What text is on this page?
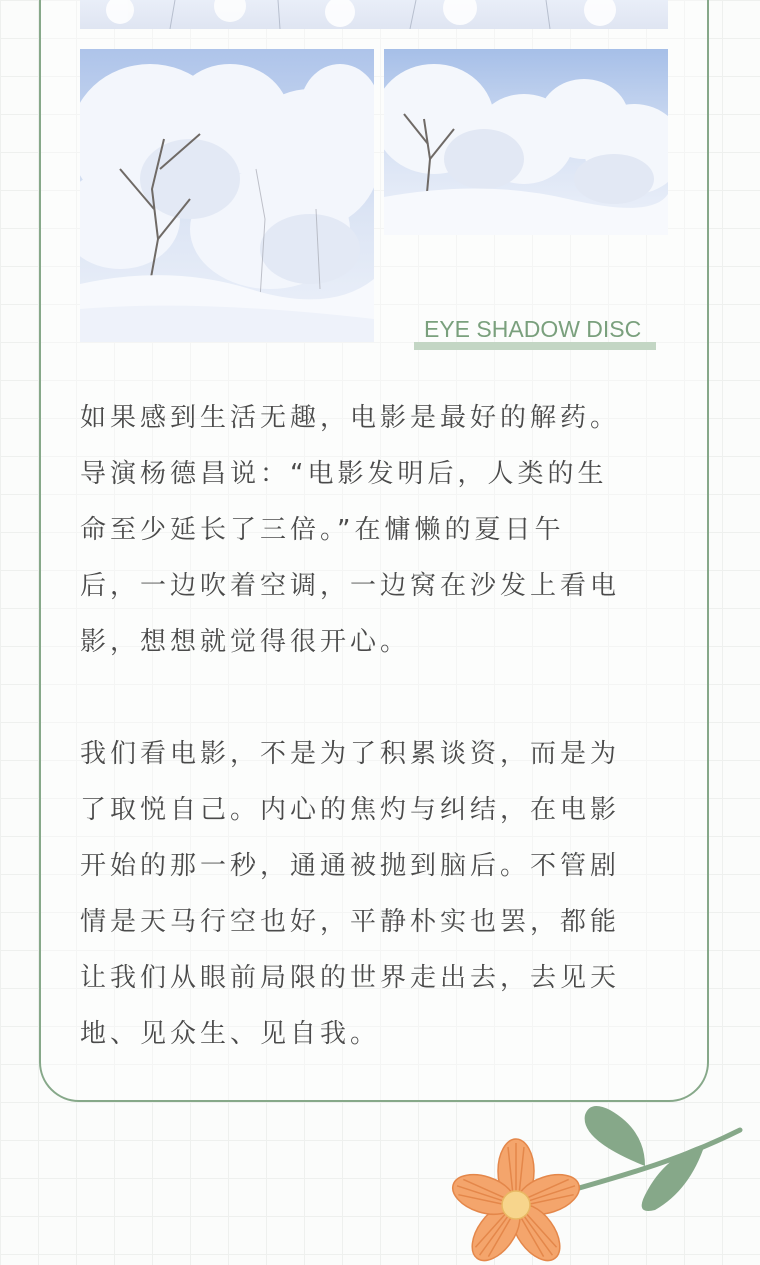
EYE SHADOW DISC
如果感到生活无趣，电影是最好的解药。
导演杨德昌说：“电影发明后，人类的生
命至少延长了三倍。”在慵懒的夏日午
后，一边吹着空调，一边窝在沙发上看电
影，想想就觉得很开心。
我们看电影，不是为了积累谈资，而是为
了取悦自己。内心的焦灼与纠结，在电影
开始的那一秒，通通被抛到脑后。不管剧
情是天马行空也好，平静朴实也罢，都能
让我们从眼前局限的世界走出去，去见天
地、见众生、见自我。
